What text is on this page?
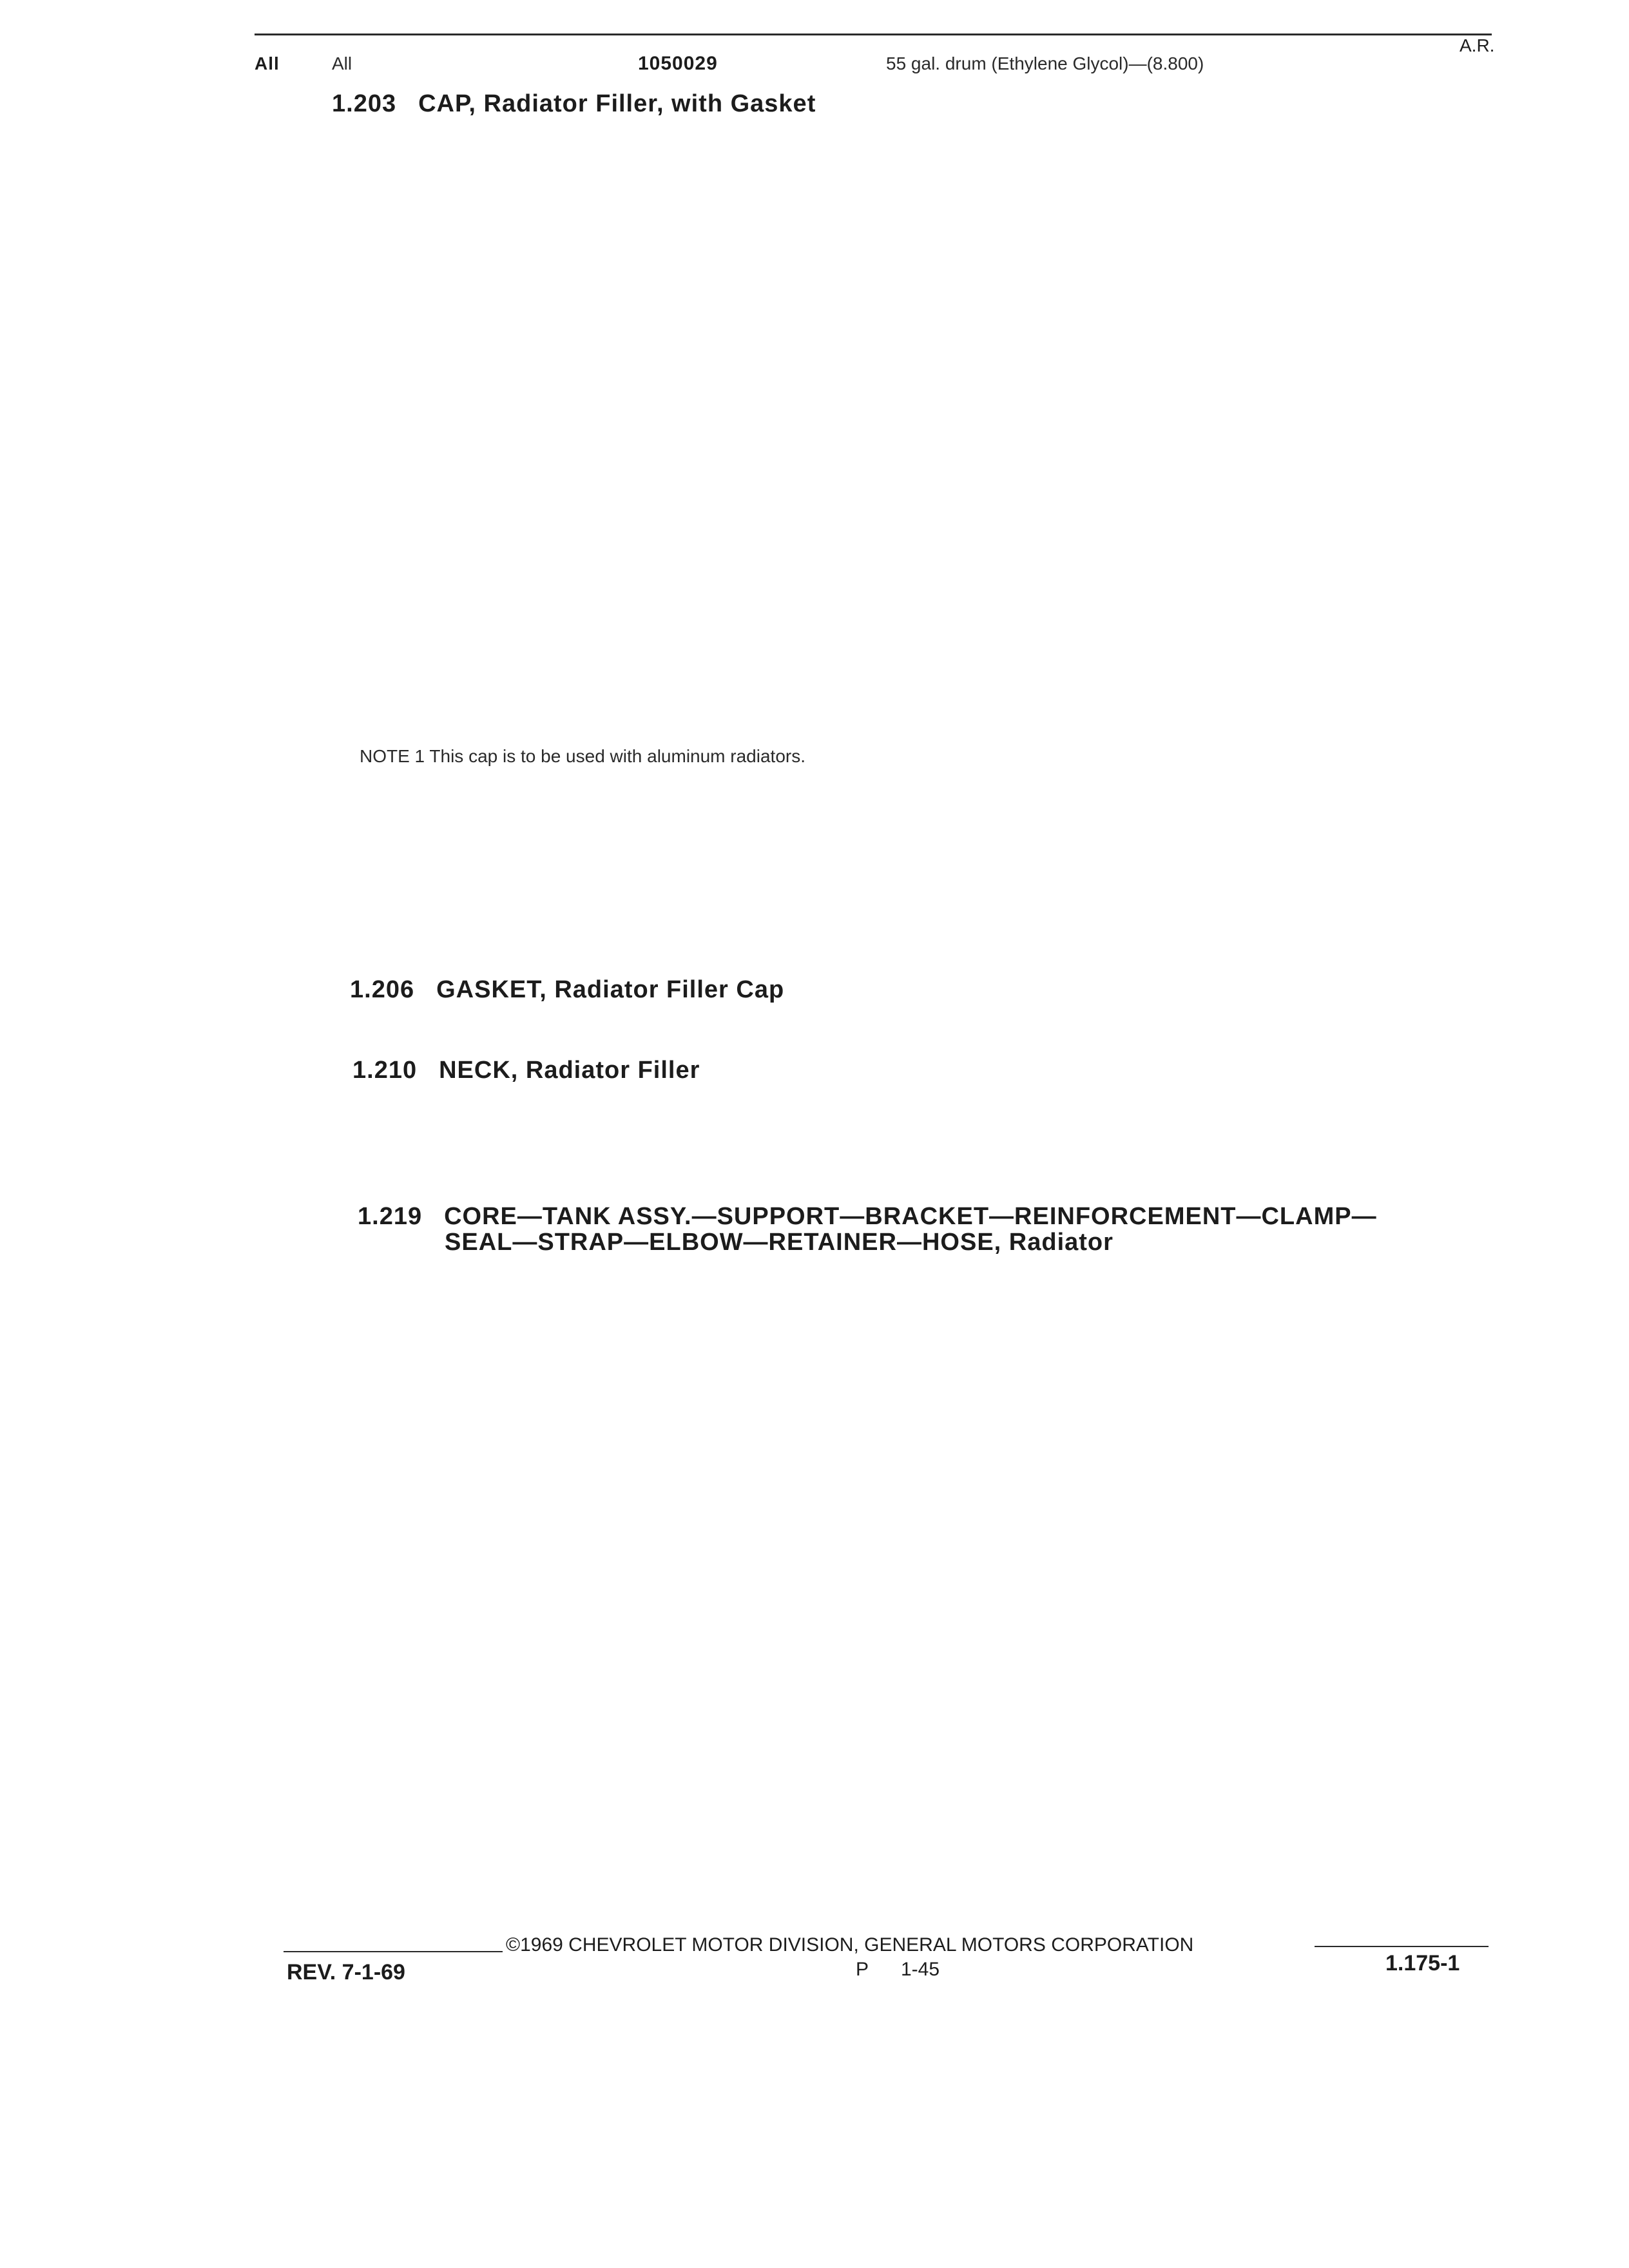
All	All	1050029	55 gal. drum (Ethylene Glycol)—(8.800)
A.R.
1.203 CAP, Radiator Filler, with Gasket
NOTE 1 This cap is to be used with aluminum radiators.
1.206 GASKET, Radiator Filler Cap
1.210 NECK, Radiator Filler
1.219 CORE—TANK ASSY.—SUPPORT—BRACKET—REINFORCEMENT—CLAMP—
SEAL—STRAP—ELBOW—RETAINER—HOSE, Radiator
©1969 CHEVROLET MOTOR DIVISION, GENERAL MOTORS CORPORATION
REV. 7-1-69	P 1-45	1.175-1
